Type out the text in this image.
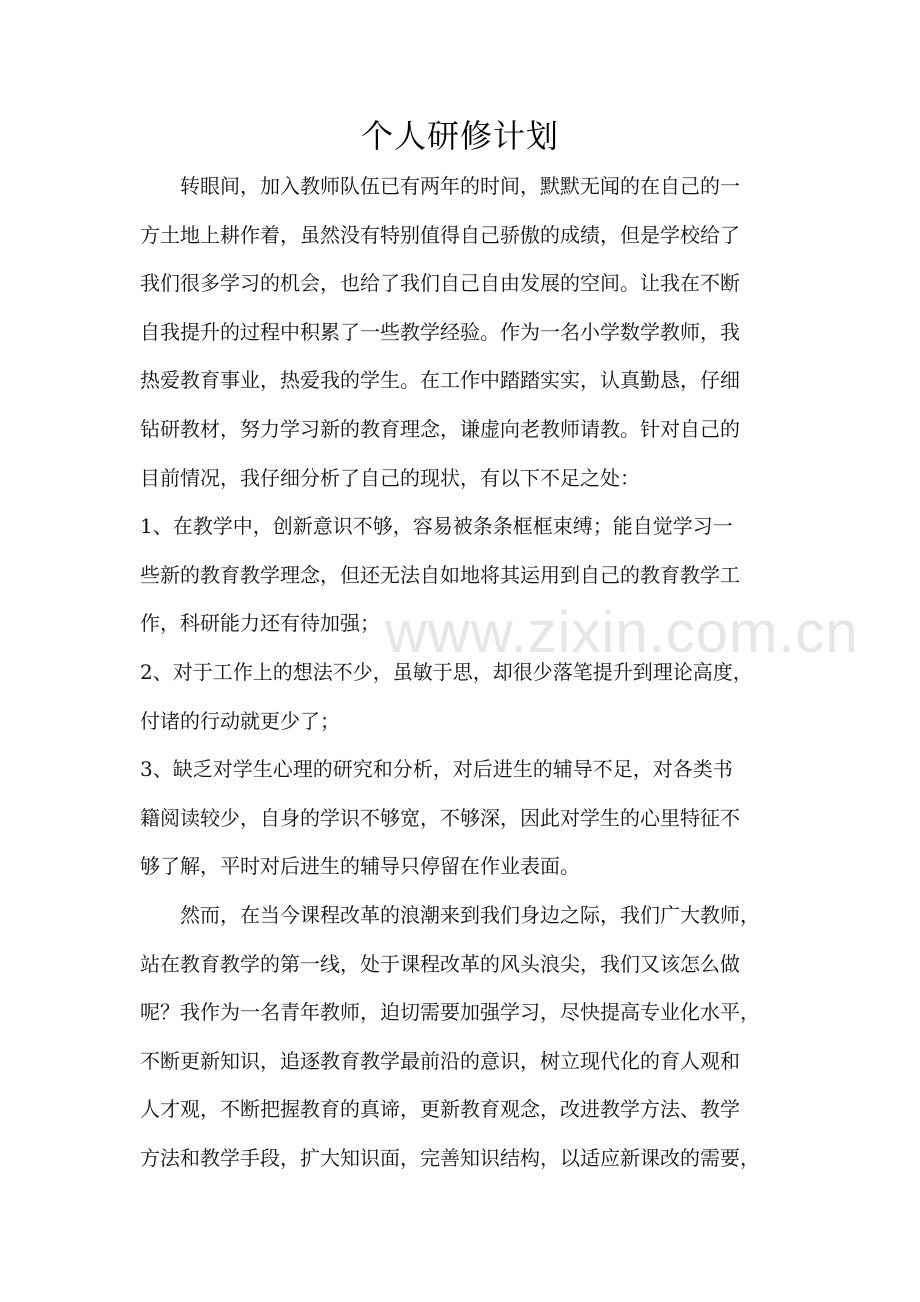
个人研修计划
　　转眼间，加入教师队伍已有两年的时间，默默无闻的在自己的一
方土地上耕作着，虽然没有特别值得自己骄傲的成绩，但是学校给了
我们很多学习的机会，也给了我们自己自由发展的空间。让我在不断
自我提升的过程中积累了一些教学经验。作为一名小学数学教师，我
热爱教育事业，热爱我的学生。在工作中踏踏实实，认真勤恳，仔细
钻研教材，努力学习新的教育理念，谦虚向老教师请教。针对自己的
目前情况，我仔细分析了自己的现状，有以下不足之处：
1、在教学中，创新意识不够，容易被条条框框束缚；能自觉学习一
些新的教育教学理念，但还无法自如地将其运用到自己的教育教学工
作，科研能力还有待加强；
2、对于工作上的想法不少，虽敏于思，却很少落笔提升到理论高度，
付诸的行动就更少了；
3、缺乏对学生心理的研究和分析，对后进生的辅导不足，对各类书
籍阅读较少，自身的学识不够宽，不够深，因此对学生的心里特征不
够了解，平时对后进生的辅导只停留在作业表面。
　　然而，在当今课程改革的浪潮来到我们身边之际，我们广大教师，
站在教育教学的第一线，处于课程改革的风头浪尖，我们又该怎么做
呢？我作为一名青年教师，迫切需要加强学习，尽快提高专业化水平，
不断更新知识，追逐教育教学最前沿的意识，树立现代化的育人观和
人才观，不断把握教育的真谛，更新教育观念，改进教学方法、教学
方法和教学手段，扩大知识面，完善知识结构，以适应新课改的需要，
www.zixin.com.cn
